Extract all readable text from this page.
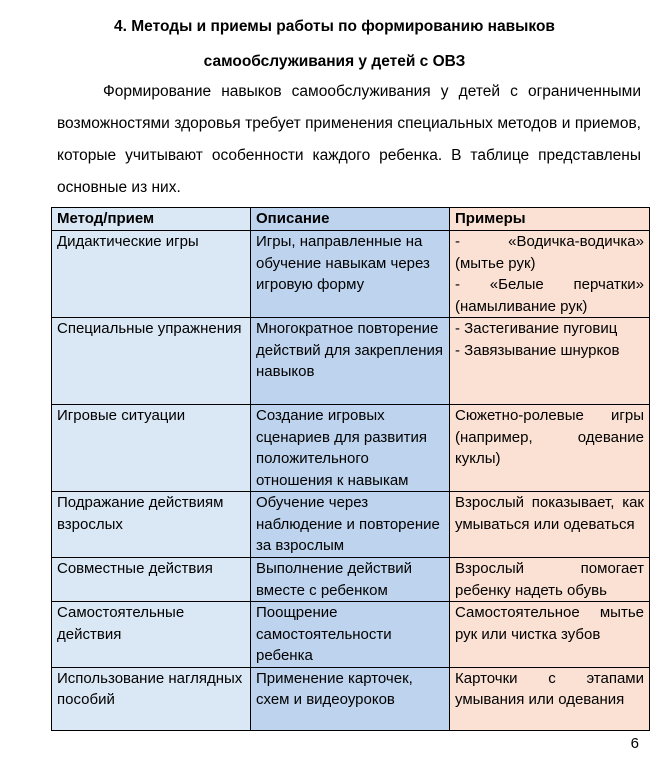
4. Методы и приемы работы по формированию навыков
самообслуживания у детей с ОВЗ

Формирование навыков самообслуживания у детей с ограниченными возможностями здоровья требует применения специальных методов и приемов, которые учитывают особенности каждого ребенка. В таблице представлены основные из них.

Метод/прием	Описание	Примеры
Дидактические игры	Игры, направленные на обучение навыкам через игровую форму	- «Водичка-водичка» (мытье рук)
- «Белые перчатки» (намыливание рук)

Специальные упражнения	Многократное повторение действий для закрепления навыков	- Застегивание пуговиц
- Завязывание шнурков

Игровые ситуации	Создание игровых сценариев для развития положительного отношения к навыкам	Сюжетно-ролевые игры (например, одевание куклы)

Подражание действиям взрослых	Обучение через наблюдение и повторение за взрослым	Взрослый показывает, как умываться или одеваться

Совместные действия	Выполнение действий вместе с ребенком	Взрослый помогает ребенку надеть обувь

Самостоятельные действия	Поощрение самостоятельности ребенка	Самостоятельное мытье рук или чистка зубов

Использование наглядных пособий	Применение карточек, схем и видеоуроков	Карточки с этапами умывания или одевания
6
